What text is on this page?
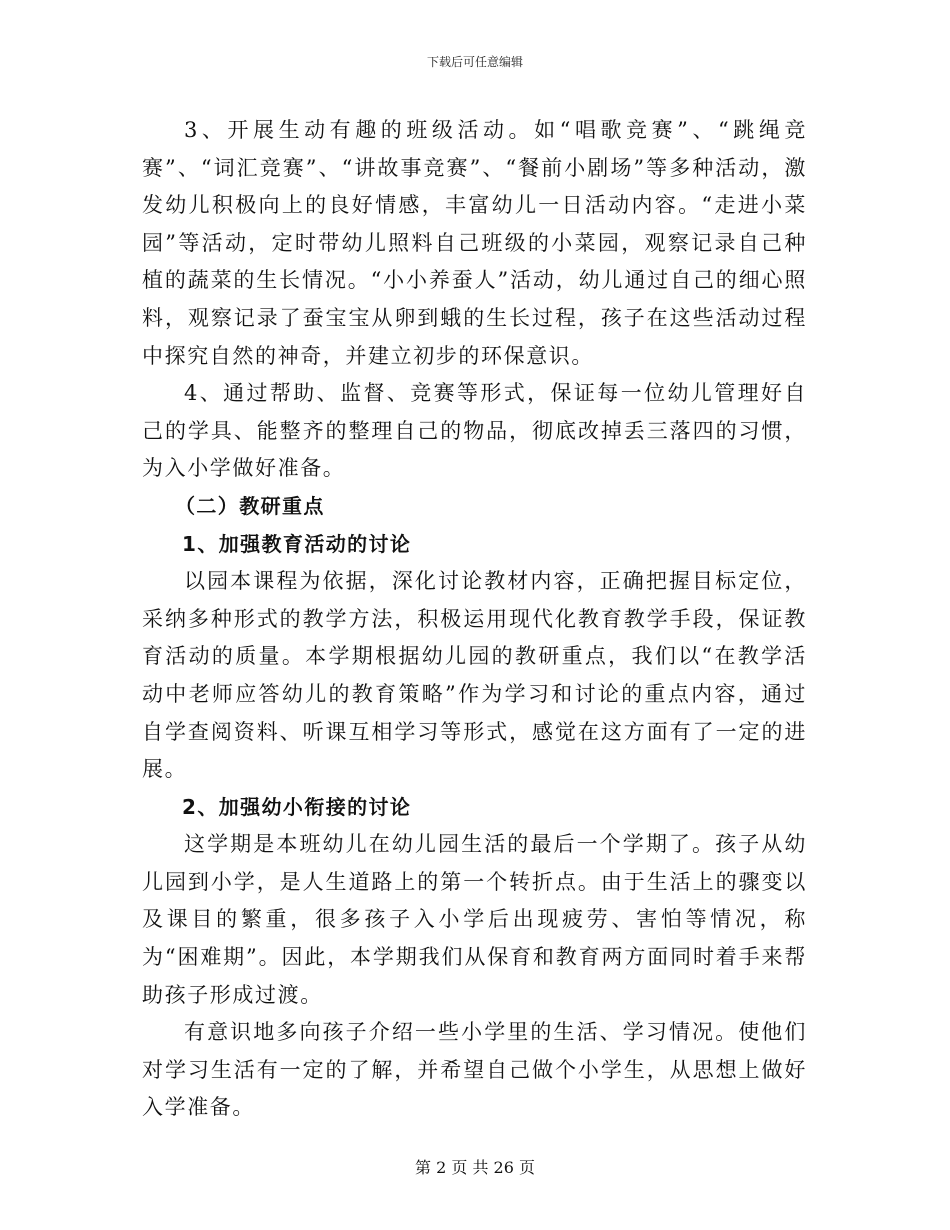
下载后可任意编辑

3、开展生动有趣的班级活动。如“唱歌竞赛”、“跳绳竞赛”、“词汇竞赛”、“讲故事竞赛”、“餐前小剧场”等多种活动，激发幼儿积极向上的良好情感，丰富幼儿一日活动内容。“走进小菜园”等活动，定时带幼儿照料自己班级的小菜园，观察记录自己种植的蔬菜的生长情况。“小小养蚕人”活动，幼儿通过自己的细心照料，观察记录了蚕宝宝从卵到蛾的生长过程，孩子在这些活动过程中探究自然的神奇，并建立初步的环保意识。

4、通过帮助、监督、竞赛等形式，保证每一位幼儿管理好自己的学具、能整齐的整理自己的物品，彻底改掉丢三落四的习惯，为入小学做好准备。

（二）教研重点

1、加强教育活动的讨论

以园本课程为依据，深化讨论教材内容，正确把握目标定位，采纳多种形式的教学方法，积极运用现代化教育教学手段，保证教育活动的质量。本学期根据幼儿园的教研重点，我们以“在教学活动中老师应答幼儿的教育策略”作为学习和讨论的重点内容，通过自学查阅资料、听课互相学习等形式，感觉在这方面有了一定的进展。

2、加强幼小衔接的讨论

这学期是本班幼儿在幼儿园生活的最后一个学期了。孩子从幼儿园到小学，是人生道路上的第一个转折点。由于生活上的骤变以及课目的繁重，很多孩子入小学后出现疲劳、害怕等情况，称为“困难期”。因此，本学期我们从保育和教育两方面同时着手来帮助孩子形成过渡。

有意识地多向孩子介绍一些小学里的生活、学习情况。使他们对学习生活有一定的了解，并希望自己做个小学生，从思想上做好入学准备。

第 2 页 共 26 页
